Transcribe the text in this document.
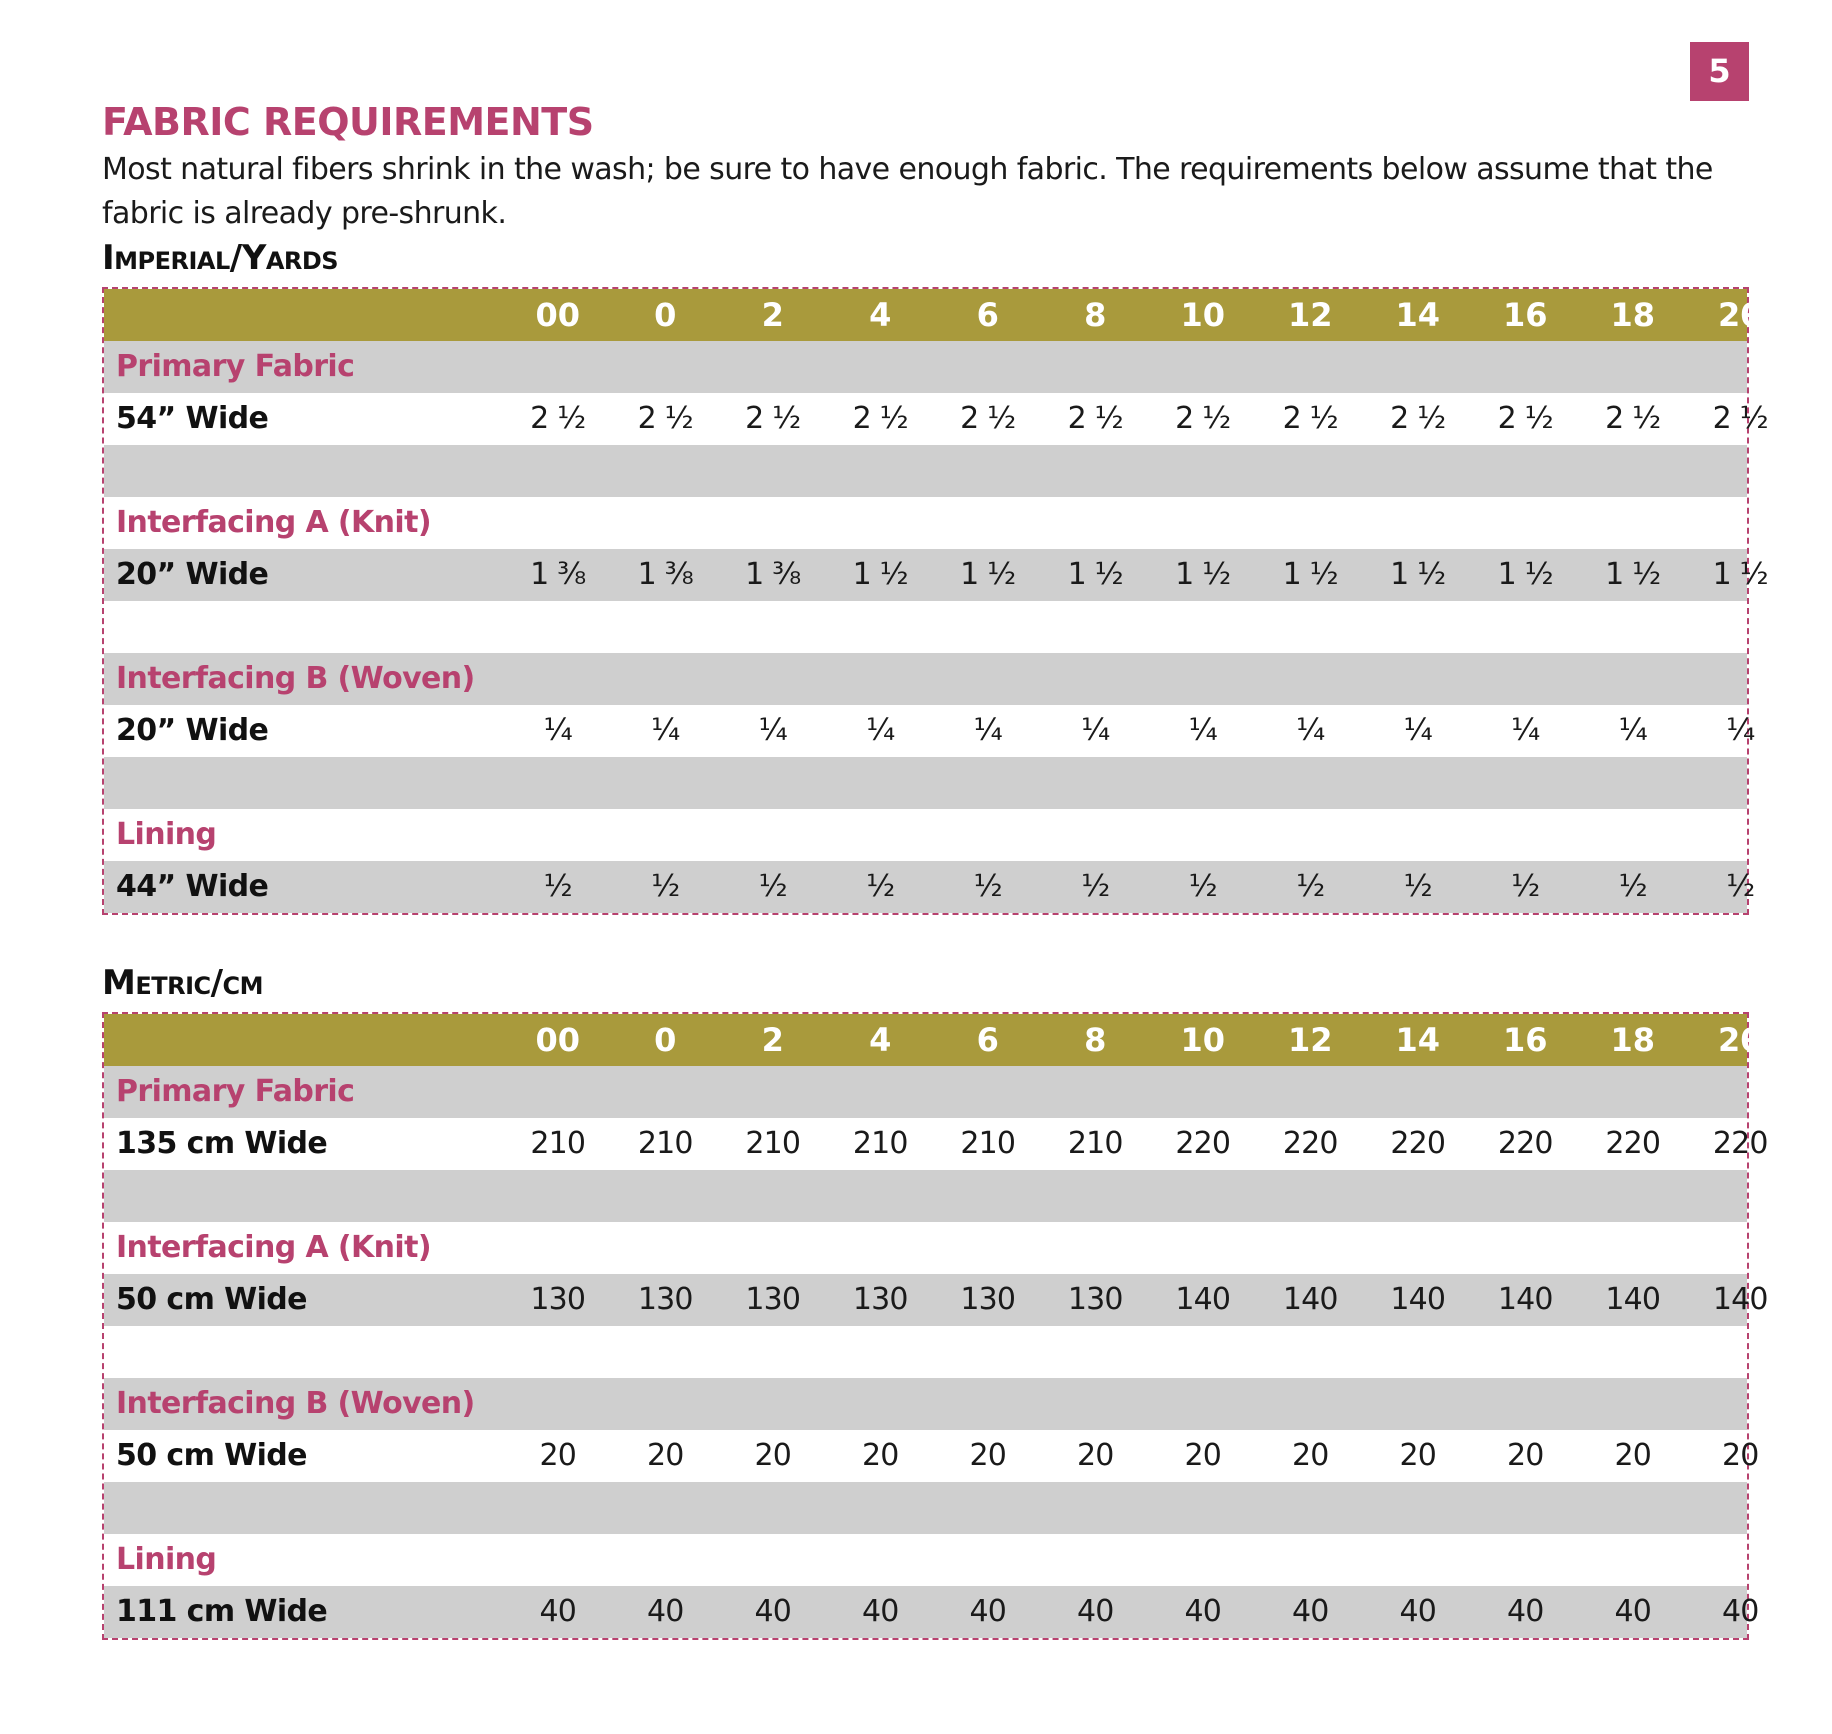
5
FABRIC REQUIREMENTS

Most natural fibers shrink in the wash; be sure to have enough fabric. The requirements below assume that the fabric is already pre-shrunk.

Imperial/Yards
00	0	2	4	6	8	10	12	14	16	18	20
Primary Fabric
54” Wide	2 ½	2 ½	2 ½	2 ½	2 ½	2 ½	2 ½	2 ½	2 ½	2 ½	2 ½	2 ½
Interfacing A (Knit)
20” Wide	1 ⅜	1 ⅜	1 ⅜	1 ½	1 ½	1 ½	1 ½	1 ½	1 ½	1 ½	1 ½	1 ½
Interfacing B (Woven)
20” Wide	¼	¼	¼	¼	¼	¼	¼	¼	¼	¼	¼	¼
Lining
44” Wide	½	½	½	½	½	½	½	½	½	½	½	½
Metric/cm
00	0	2	4	6	8	10	12	14	16	18	20
Primary Fabric
135 cm Wide	210	210	210	210	210	210	220	220	220	220	220	220
Interfacing A (Knit)
50 cm Wide	130	130	130	130	130	130	140	140	140	140	140	140
Interfacing B (Woven)
50 cm Wide	20	20	20	20	20	20	20	20	20	20	20	20
Lining
111 cm Wide	40	40	40	40	40	40	40	40	40	40	40	40
